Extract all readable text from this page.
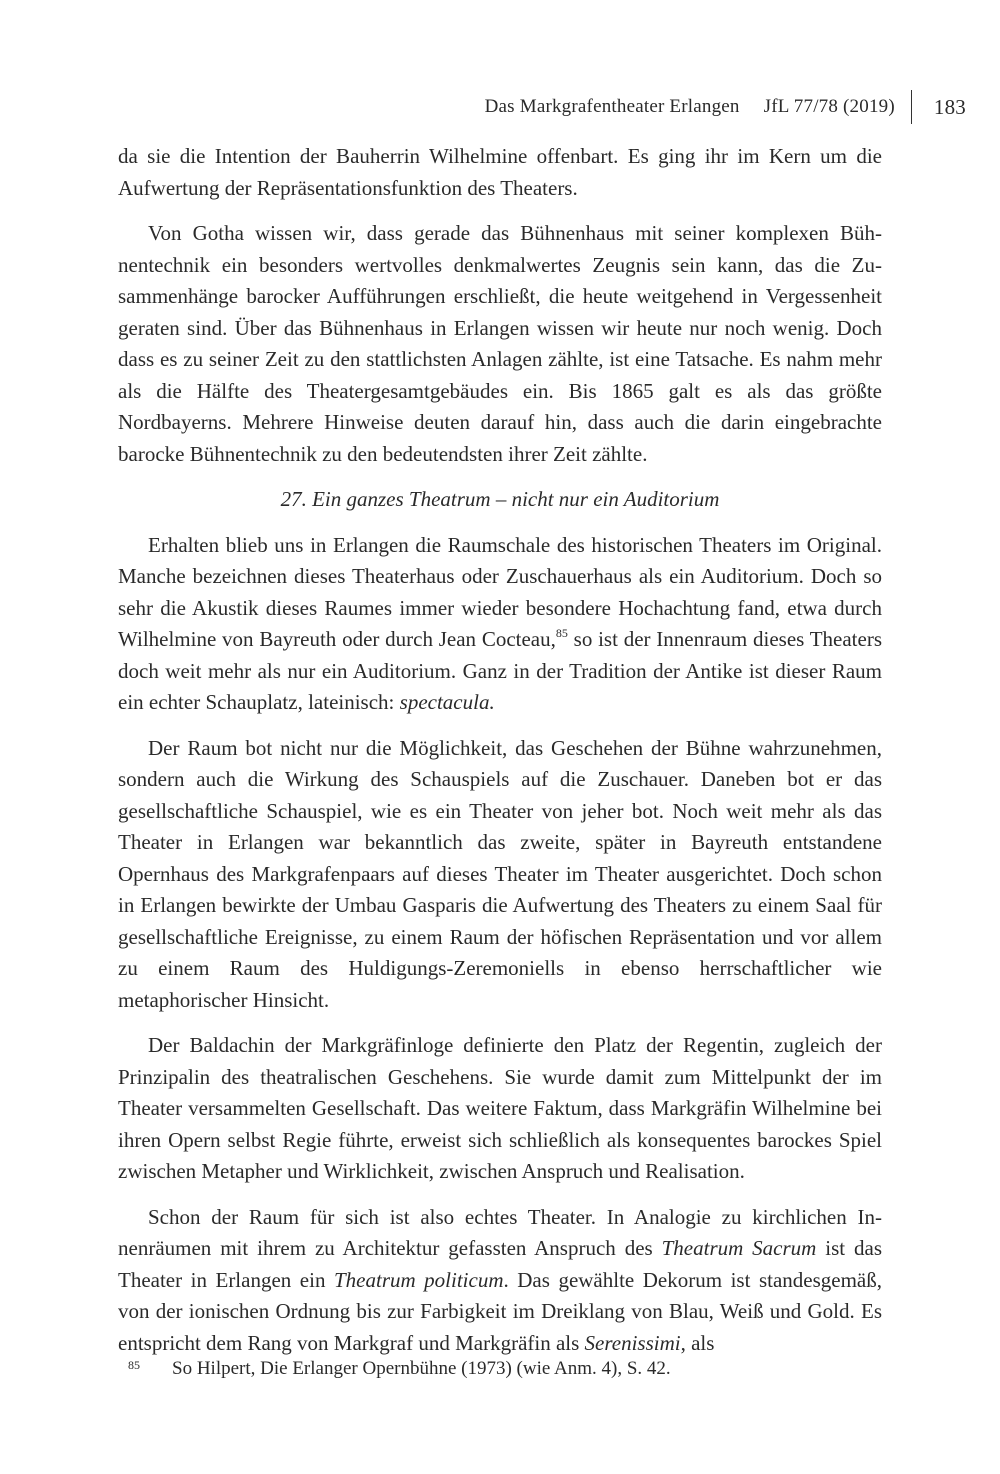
Das Markgrafentheater Erlangen JfL 77/78 (2019) 183

da sie die Intention der Bauherrin Wilhelmine offenbart. Es ging ihr im Kern um die Aufwertung der Repräsentationsfunktion des Theaters.

Von Gotha wissen wir, dass gerade das Bühnenhaus mit seiner komplexen Bühnentechnik ein besonders wertvolles denkmalwertes Zeugnis sein kann, das die Zusammenhänge barocker Aufführungen erschließt, die heute weitgehend in Vergessenheit geraten sind. Über das Bühnenhaus in Erlangen wissen wir heute nur noch wenig. Doch dass es zu seiner Zeit zu den stattlichsten Anlagen zählte, ist eine Tatsache. Es nahm mehr als die Hälfte des Theatergesamtgebäudes ein. Bis 1865 galt es als das größte Nordbayerns. Mehrere Hinweise deuten darauf hin, dass auch die darin eingebrachte barocke Bühnentechnik zu den bedeutendsten ihrer Zeit zählte.

27. Ein ganzes Theatrum – nicht nur ein Auditorium

Erhalten blieb uns in Erlangen die Raumschale des historischen Theaters im Original. Manche bezeichnen dieses Theaterhaus oder Zuschauerhaus als ein Auditorium. Doch so sehr die Akustik dieses Raumes immer wieder besondere Hochachtung fand, etwa durch Wilhelmine von Bayreuth oder durch Jean Cocteau,$^{85}$ so ist der Innenraum dieses Theaters doch weit mehr als nur ein Auditorium. Ganz in der Tradition der Antike ist dieser Raum ein echter Schauplatz, lateinisch: spectacula.

Der Raum bot nicht nur die Möglichkeit, das Geschehen der Bühne wahrzunehmen, sondern auch die Wirkung des Schauspiels auf die Zuschauer. Daneben bot er das gesellschaftliche Schauspiel, wie es ein Theater von jeher bot. Noch weit mehr als das Theater in Erlangen war bekanntlich das zweite, später in Bayreuth entstandene Opernhaus des Markgrafenpaars auf dieses Theater im Theater ausgerichtet. Doch schon in Erlangen bewirkte der Umbau Gasparis die Aufwertung des Theaters zu einem Saal für gesellschaftliche Ereignisse, zu einem Raum der höfischen Repräsentation und vor allem zu einem Raum des Huldigungs-Zeremoniells in ebenso herrschaftlicher wie metaphorischer Hinsicht.

Der Baldachin der Markgräfinloge definierte den Platz der Regentin, zugleich der Prinzipalin des theatralischen Geschehens. Sie wurde damit zum Mittelpunkt der im Theater versammelten Gesellschaft. Das weitere Faktum, dass Markgräfin Wilhelmine bei ihren Opern selbst Regie führte, erweist sich schließlich als konsequentes barockes Spiel zwischen Metapher und Wirklichkeit, zwischen Anspruch und Realisation.

Schon der Raum für sich ist also echtes Theater. In Analogie zu kirchlichen Innenräumen mit ihrem zu Architektur gefassten Anspruch des Theatrum Sacrum ist das Theater in Erlangen ein Theatrum politicum. Das gewählte Dekorum ist standesgemäß, von der ionischen Ordnung bis zur Farbigkeit im Dreiklang von Blau, Weiß und Gold. Es entspricht dem Rang von Markgraf und Markgräfin als Serenissimi, als

85	So Hilpert, Die Erlanger Opernbühne (1973) (wie Anm. 4), S. 42.
